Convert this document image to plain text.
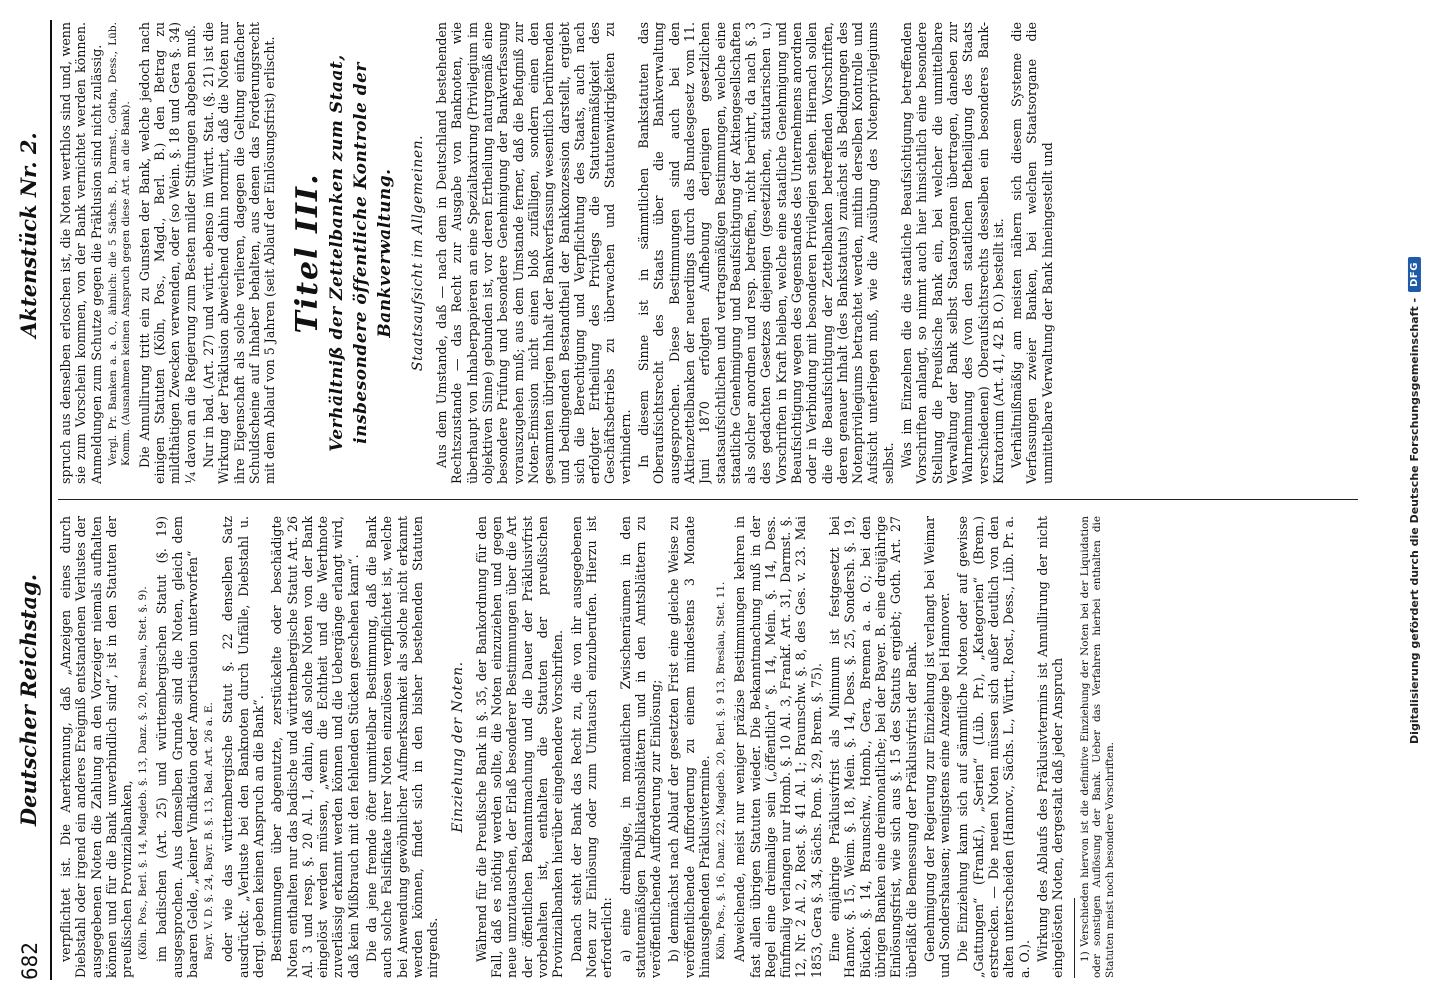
682
Deutscher Reichstag.
Aktenstück Nr. 2.

verpflichtet ist. Die Anerkennung, daß „Anzeigen eines durch Diebstahl oder irgend ein anderes Ereigniß entstandenen Verlustes der ausgegebenen Noten die Zahlung an den Vorzeiger niemals aufhalten können und für die Bank unverbindlich sind“, ist in den Statuten der preußischen Provinzialbanken, (Köln. Pos., Berl. §. 14, Magdeb. §. 13, Danz. §. 20, Breslau, Stet. §. 9). im badischen (Art. 25) und württembergischen Statut (§. 19) ausgesprochen. Aus demselben Grunde sind die Noten, gleich dem baaren Gelde, „keiner Vindikation oder Amortisation unterworfen“ Bayr. V. D. §. 24, Bayr. B. §. 13, Bad. Art. 26 a. E. oder wie das württembergische Statut §. 22 denselben Satz ausdrückt: „Verluste bei den Banknoten durch Unfälle, Diebstahl u. dergl. geben keinen Anspruch an die Bank“. Bestimmungen über abgenutzte, zerstückelte oder beschädigte Noten enthalten nur das badische und württembergische Statut Art. 26 Al. 3 und resp. §. 20 Al. 1, dahin, daß solche Noten von der Bank eingelöst werden müssen, „wenn die Echtheit und die Werthnote zuverlässig erkannt werden können und die Uebergänge erlangt wird, daß kein Mißbrauch mit den fehlenden Stücken geschehen kann“. Die da jene fremde öfter unmittelbar Bestimmung, daß die Bank auch solche Falsifikate ihrer Noten einzulösen verpflichtet ist, welche bei Anwendung gewöhnlicher Aufmerksamkeit als solche nicht erkannt werden können, findet sich in den bisher bestehenden Statuten nirgends.

Einziehung der Noten. Während für die Preußische Bank in §. 35, der Bankordnung für den Fall, daß es nöthig werden sollte, die Noten einzuziehen und gegen neue umzutauschen, der Erlaß besonderer Bestimmungen über die Art der öffentlichen Bekanntmachung und die Dauer der Präklusivfrist vorbehalten ist, enthalten die Statuten der preußischen Provinzialbanken hierüber eingehendere Vorschriften. Danach steht der Bank das Recht zu, die von ihr ausgegebenen Noten zur Einlösung oder zum Umtausch einzuberufen. Hierzu ist erforderlich: a) eine dreimalige, in monatlichen Zwischenräumen in den statutenmäßigen Publikationsblättern und in den Amtsblättern zu veröffentlichende Aufforderung zur Einlösung; b) demnächst nach Ablauf der gesetzten Frist eine gleiche Weise zu veröffentlichende Aufforderung zu einem mindestens 3 Monate hinausgehenden Präklusivtermine. Köln, Pos., §. 16, Danz. 22, Magdeb. 20, Berl. §. 9 13, Breslau, Stet. 11. Abweichende, meist nur weniger präzise Bestimmungen kehren in fast allen übrigen Statuten wieder. Die Bekanntmachung muß in der Regel eine dreimalige sein („öffentlich“ §. 14, Mein. §. 14, Dess. fünfmalig verlangen nur Homb. §. 10 Al. 3, Frankf. Art. 31, Darmst. §. 12, Nr. 2 Al. 2, Rost. §. 41 Al. 1; Braunschw. §. 8, des Ges. v. 23. Mai 1853, Gera §. 34, Sächs. Pom. §. 29, Brem. §. 75). Eine einjährige Präklusivfrist als Minimum ist festgesetzt bei Hannov. §. 15, Weim. §. 18, Mein. §. 14, Dess. §. 25, Sondersh. §. 19, Bückeb. §. 14, Braunschw., Homb., Gera, Bremen a. a. O.; bei den übrigen Banken eine dreimonatliche; bei der Bayer. B. eine dreijährige Einlösungsfrist, wie sich aus §. 15 des Statuts ergiebt; Goth. Art. 27 überläßt die Bemessung der Präklusivfrist der Bank. Genehmigung der Regierung zur Einziehung ist verlangt bei Weimar und Sondershausen; wenigstens eine Anzeige bei Hannover. Die Einziehung kann sich auf sämmtliche Noten oder auf gewisse „Gattungen“ (Frankf.), „Serien“ (Lüb. Pr.), „Kategorien“ (Brem.) erstrecken. — Die neuen Noten müssen sich außer deutlich von den alten unterscheiden (Hannov., Sächs. L., Württ., Rost., Dess., Lüb. Pr. a. a. O.). Wirkung des Ablaufs des Präklusivtermins ist Annullirung der nicht eingelösten Noten, dergestalt daß jeder Anspruch 1) Verschieden hiervon ist die definitive Einziehung der Noten bei der Liquidation oder sonstigen Auflösung der Bank. Ueber das Verfahren hierbei enthalten die Statuten meist noch besondere Vorschriften.

spruch aus denselben erloschen ist, die Noten werthlos sind und, wenn sie zum Vorschein kommen, von der Bank vernichtet werden können. Anmeldungen zum Schutze gegen die Präklusion sind nicht zulässig. Vergl. Pr. Banken a. a. O., ähnlich: die 5 Sächs. B., Darmst., Gotha, Dess., Lüb. Komm. (Ausnahmen keinen Anspruch gegen diese Art. an die Bank). Die Annullirung tritt ein zu Gunsten der Bank, welche jedoch nach einigen Statuten (Köln, Pos., Magd., Berl. B.) den Betrag zu mildthätigen Zwecken verwenden, oder (so Wein. §. 18 und Gera §. 34) ¼ davon an die Regierung zum Besten milder Stiftungen abgeben muß. Nur in bad. (Art. 27) und württ. ebenso im Württ. Stat. (§. 21) ist die Wirkung der Präklusion abweichend dahin normirt, daß die Noten nur ihre Eigenschaft als solche verlieren, dagegen die Geltung einfacher Schuldscheine auf Inhaber behalten, aus denen das Forderungsrecht mit dem Ablauf von 5 Jahren (seit Ablauf der Einlösungsfrist) erlischt. Titel III. Verhältniß der Zettelbanken zum Staat, insbesondere öffentliche Kontrole der Bankverwaltung. Staatsaufsicht im Allgemeinen. Aus dem Umstande, daß — nach dem in Deutschland bestehenden Rechtszustande — das Recht zur Ausgabe von Banknoten, wie überhaupt von Inhaberpapieren an eine Spezialtaxirung (Privilegium im objektiven Sinne) gebunden ist, vor deren Ertheilung naturgemäß eine besondere Prüfung und besondere Genehmigung der Bankverfassung vorauszugehen muß; aus dem Umstande ferner, daß die Befugniß zur Noten-Emission nicht einen bloß zufälligen, sondern einen den gesammten übrigen Inhalt der Bankverfassung wesentlich berührenden und bedingenden Bestandtheil der Bankkonzession darstellt, ergiebt sich die Berechtigung und Verpflichtung des Staats, auch nach erfolgter Ertheilung des Privilegs die Statutenmäßigkeit des Geschäftsbetriebs zu überwachen und Statutenwidrigkeiten zu verhindern. In diesem Sinne ist in sämmtlichen Bankstatuten das Oberaufsichtsrecht des Staats über die Bankverwaltung ausgesprochen. Diese Bestimmungen sind auch bei den Aktienzettelbanken der neuerdings durch das Bundesgesetz vom 11. Juni 1870 erfolgten Aufhebung derjenigen gesetzlichen staatsaufsichtlichen und vertragsmäßigen Bestimmungen, welche eine staatliche Genehmigung und Beaufsichtigung der Aktiengesellschaften als solcher anordnen und resp. betreffen, nicht berührt, da nach §. 3 des gedachten Gesetzes diejenigen (gesetzlichen, statutarischen u.) Vorschriften in Kraft bleiben, welche eine staatliche Genehmigung und Beaufsichtigung wegen des Gegenstandes des Unternehmens anordnen oder in Verbindung mit besonderen Privilegien stehen. Hiernach sollen die die Beaufsichtigung der Zettelbanken betreffenden Vorschriften, deren genauer Inhalt (des Bankstatuts) zunächst als Bedingungen des Notenprivilegiums betrachtet werden, mithin derselben Kontrolle und Aufsicht unterliegen muß, wie die Ausübung des Notenprivilegiums selbst. Was im Einzelnen die die staatliche Beaufsichtigung betreffenden Vorschriften anlangt, so nimmt auch hier hinsichtlich eine besondere Stellung die Preußische Bank ein, bei welcher die unmittelbare Verwaltung der Bank selbst Staatsorganen übertragen, daneben zur Wahrnehmung des (von den staatlichen Betheiligung des Staats verschiedenen) Oberaufsichtsrechts desselben ein besonderes Bank-Kuratorium (Art. 41, 42 B. O.) bestellt ist. Verhältnißmäßig am meisten nähern sich diesem Systeme die Verfassungen zweier Banken, bei welchen Staatsorgane die unmittelbare Verwaltung der Bank hineingestellt und	Digitalisierung gefördert durch die Deutsche Forschungsgemeinschaft -
DFG
